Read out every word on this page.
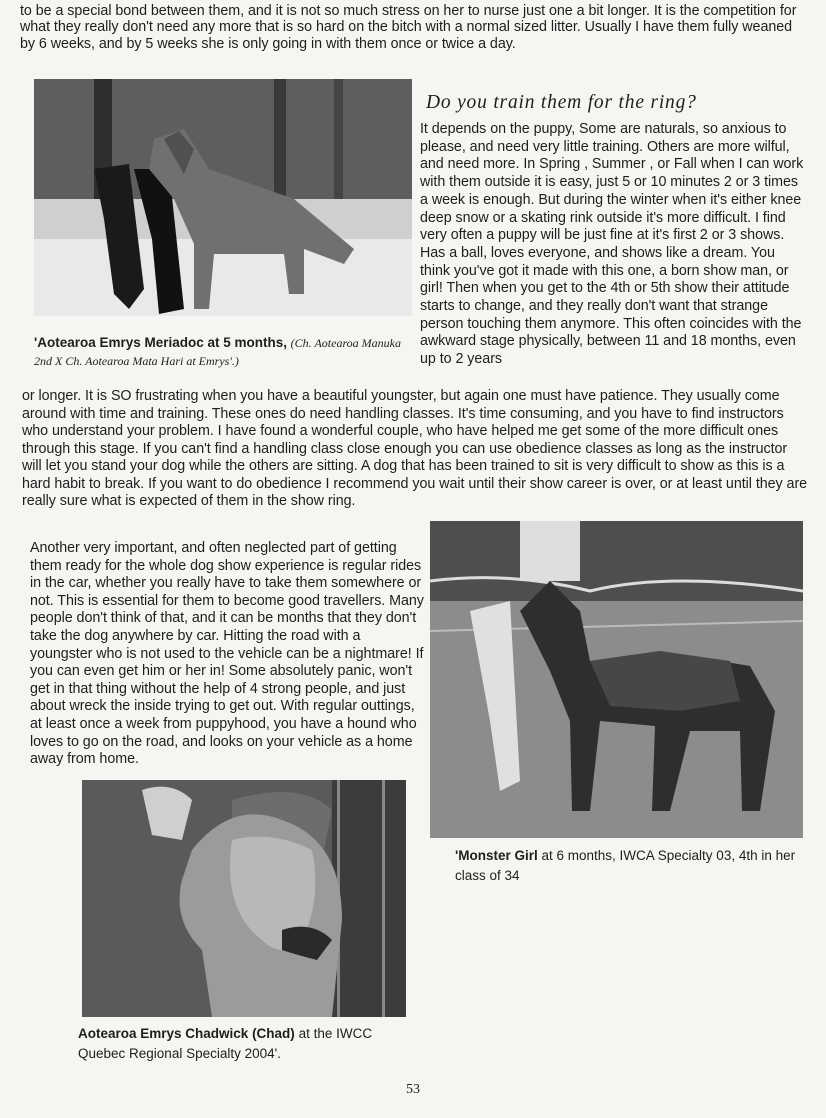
to be a special bond between them, and it is not so much stress on her to nurse just one a bit longer. It is the competition for what they really don't need any more that is so hard on the bitch with a normal sized litter. Usually I have them fully weaned by 6 weeks, and by 5 weeks she is only going in with them once or twice a day.
'Aotearoa Emrys Meriadoc at 5 months, (Ch. Aotearoa Manuka 2nd X Ch. Aotearoa Mata Hari at Emrys'.)
Do you train them for the ring?
It depends on the puppy, Some are naturals, so anxious to please, and need very little training. Others are more wilful, and need more. In Spring , Summer , or Fall when I can work with them outside it is easy, just 5 or 10 minutes 2 or 3 times a week is enough. But during the winter when it's either knee deep snow or a skating rink outside it's more difficult. I find very often a puppy will be just fine at it's first 2 or 3 shows. Has a ball, loves everyone, and shows like a dream. You think you've got it made with this one, a born show man, or girl! Then when you get to the 4th or 5th show their attitude starts to change, and they really don't want that strange person touching them anymore. This often coincides with the awkward stage physically, between 11 and 18 months, even up to 2 years
or longer. It is SO frustrating when you have a beautiful youngster, but again one must have patience. They usually come around with time and training. These ones do need handling classes. It's time consuming, and you have to find instructors who understand your problem. I have found a wonderful couple, who have helped me get some of the more difficult ones through this stage. If you can't find a handling class close enough you can use obedience classes as long as the instructor will let you stand your dog while the others are sitting. A dog that has been trained to sit is very difficult to show as this is a hard habit to break. If you want to do obedience I recommend you wait until their show career is over, or at least until they are really sure what is expected of them in the show ring.
Another very important, and often neglected part of getting them ready for the whole dog show experience is regular rides in the car, whether you really have to take them somewhere or not. This is essential for them to become good travellers. Many people don't think of that, and it can be months that they don't take the dog anywhere by car. Hitting the road with a youngster who is not used to the vehicle can be a nightmare! If you can even get him or her in! Some absolutely panic, won't get in that thing without the help of 4 strong people, and just about wreck the inside trying to get out. With regular outtings, at least once a week from puppyhood, you have a hound who loves to go on the road, and looks on your vehicle as a home away from home.
'Monster Girl at 6 months, IWCA Specialty 03, 4th in her class of 34
Aotearoa Emrys Chadwick (Chad) at the IWCC Quebec Regional Specialty 2004'.
53
